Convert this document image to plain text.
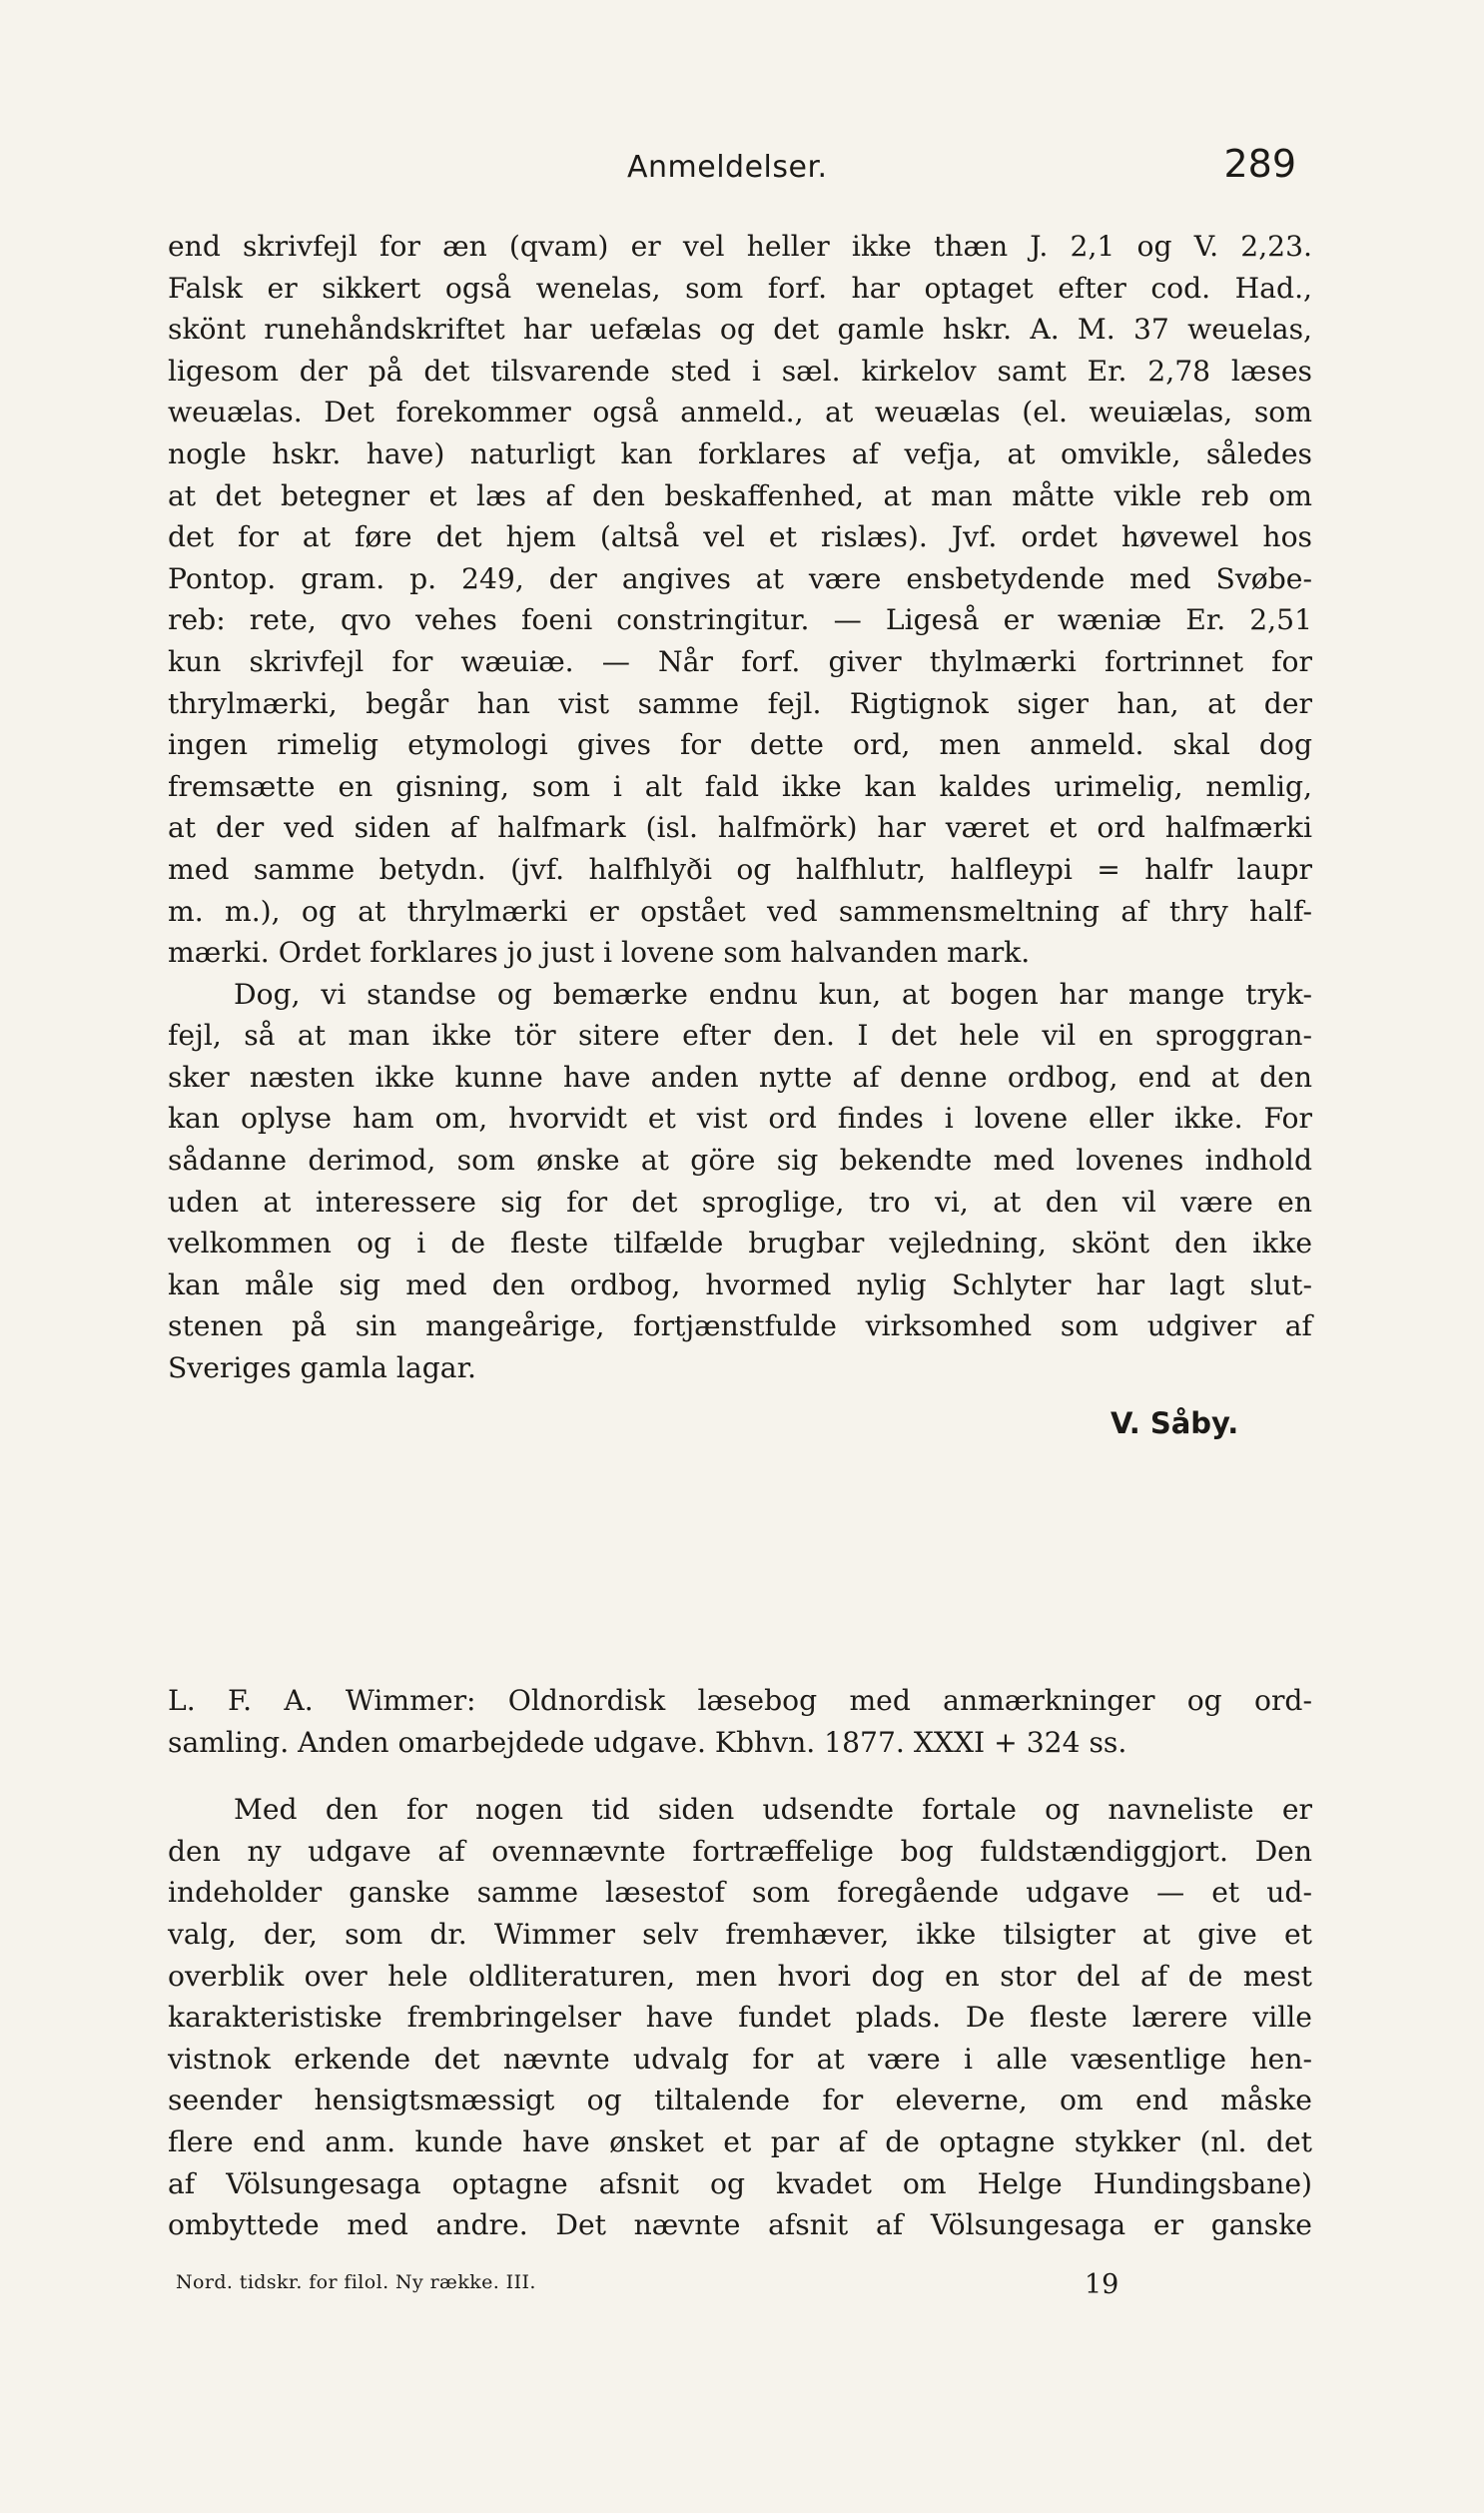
Anmeldelser.	289
end skrivfejl for æn (qvam) er vel heller ikke thæn J. 2,1 og V. 2,23.
Falsk er sikkert også wenelas, som forf. har optaget efter cod. Had.,
skönt runehåndskriftet har uefælas og det gamle hskr. A. M. 37 weuelas,
ligesom der på det tilsvarende sted i sæl. kirkelov samt Er. 2,78 læses
weuælas. Det forekommer også anmeld., at weuælas (el. weuiælas, som
nogle hskr. have) naturligt kan forklares af vefja, at omvikle, således
at det betegner et læs af den beskaffenhed, at man måtte vikle reb om
det for at føre det hjem (altså vel et rislæs). Jvf. ordet høvewel hos
Pontop. gram. p. 249, der angives at være ensbetydende med Svøbe-
reb: rete, qvo vehes foeni constringitur. — Ligeså er wæniæ Er. 2,51
kun skrivfejl for wæuiæ. — Når forf. giver thylmærki fortrinnet for
thrylmærki, begår han vist samme fejl. Rigtignok siger han, at der
ingen rimelig etymologi gives for dette ord, men anmeld. skal dog
fremsætte en gisning, som i alt fald ikke kan kaldes urimelig, nemlig,
at der ved siden af halfmark (isl. halfmörk) har været et ord halfmærki
med samme betydn. (jvf. halfhlyði og halfhlutr, halfleypi = halfr laupr
m. m.), og at thrylmærki er opstået ved sammensmeltning af thry half-
mærki. Ordet forklares jo just i lovene som halvanden mark.
Dog, vi standse og bemærke endnu kun, at bogen har mange tryk-
fejl, så at man ikke tör sitere efter den. I det hele vil en sproggran-
sker næsten ikke kunne have anden nytte af denne ordbog, end at den
kan oplyse ham om, hvorvidt et vist ord findes i lovene eller ikke. For
sådanne derimod, som ønske at göre sig bekendte med lovenes indhold
uden at interessere sig for det sproglige, tro vi, at den vil være en
velkommen og i de fleste tilfælde brugbar vejledning, skönt den ikke
kan måle sig med den ordbog, hvormed nylig Schlyter har lagt slut-
stenen på sin mangeårige, fortjænstfulde virksomhed som udgiver af
Sveriges gamla lagar.
V. Såby.
L. F. A. Wimmer: Oldnordisk læsebog med anmærkninger og ord-
samling. Anden omarbejdede udgave. Kbhvn. 1877. XXXI + 324 ss.
Med den for nogen tid siden udsendte fortale og navneliste er
den ny udgave af ovennævnte fortræffelige bog fuldstændiggjort. Den
indeholder ganske samme læsestof som foregående udgave — et ud-
valg, der, som dr. Wimmer selv fremhæver, ikke tilsigter at give et
overblik over hele oldliteraturen, men hvori dog en stor del af de mest
karakteristiske frembringelser have fundet plads. De fleste lærere ville
vistnok erkende det nævnte udvalg for at være i alle væsentlige hen-
seender hensigtsmæssigt og tiltalende for eleverne, om end måske
flere end anm. kunde have ønsket et par af de optagne stykker (nl. det
af Völsungesaga optagne afsnit og kvadet om Helge Hundingsbane)
ombyttede med andre. Det nævnte afsnit af Völsungesaga er ganske
Nord. tidskr. for filol. Ny række. III.	19
